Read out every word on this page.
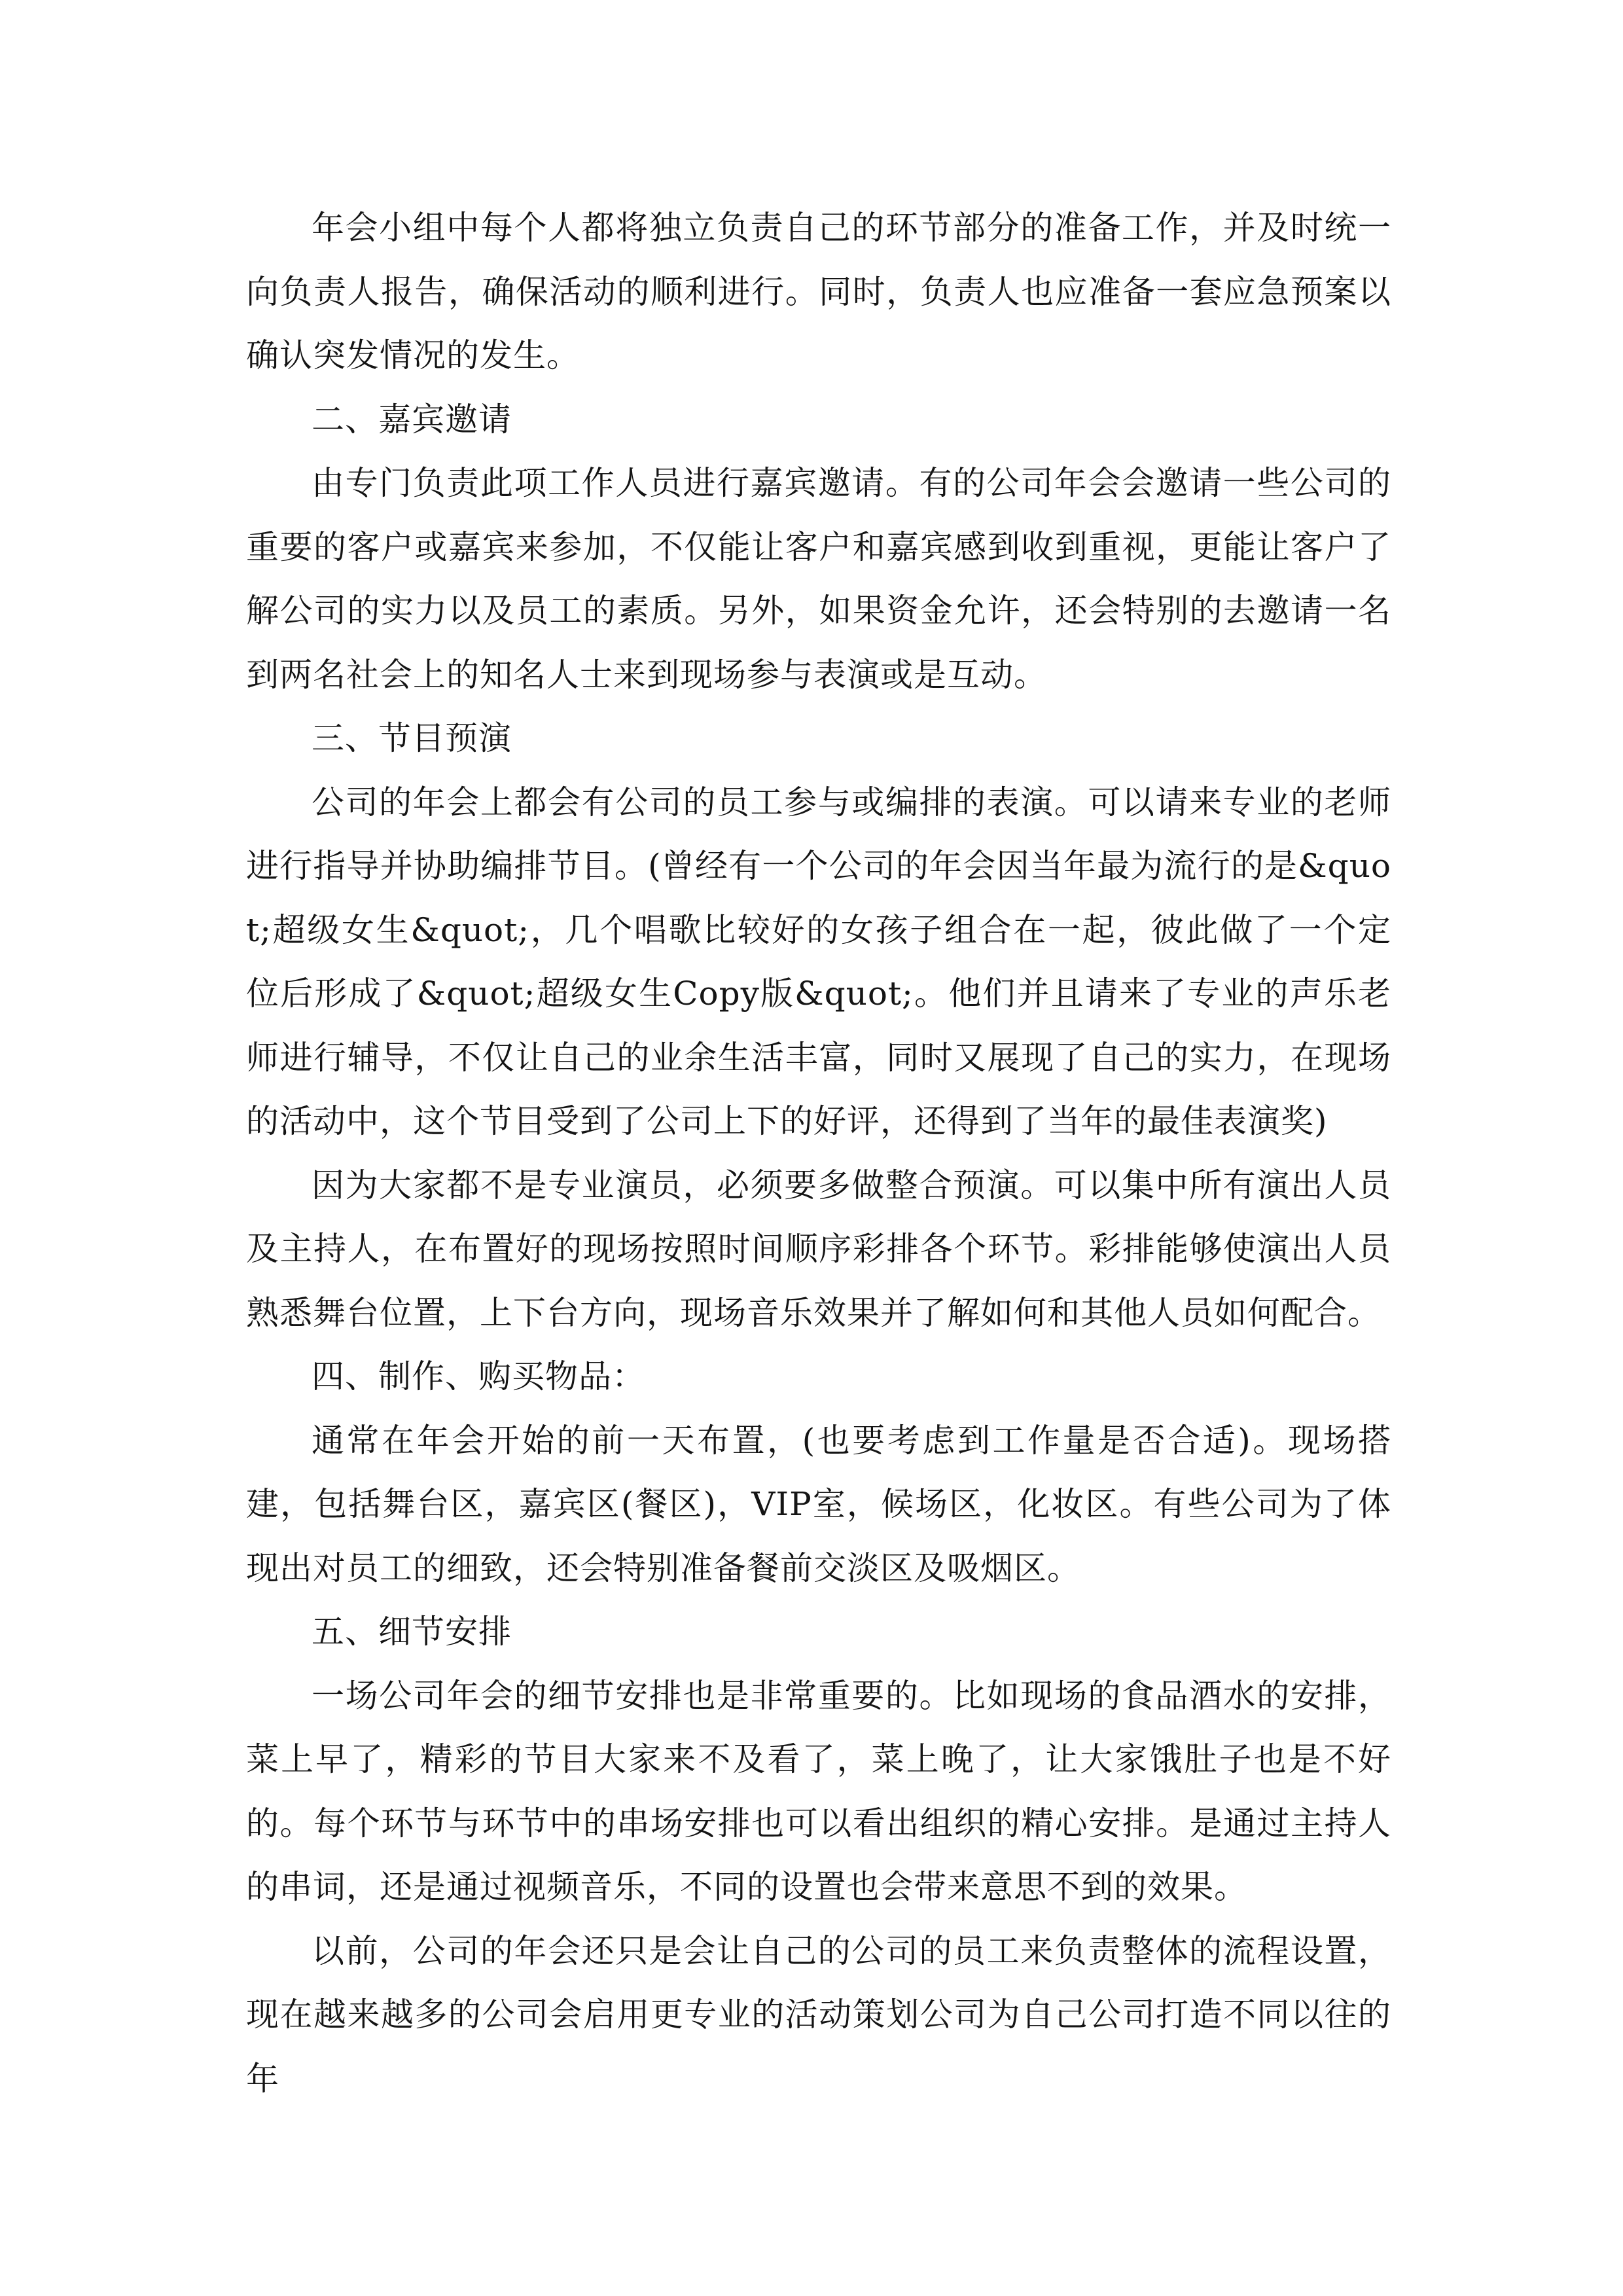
年会小组中每个人都将独立负责自己的环节部分的准备工作，并及时统一向负责人报告，确保活动的顺利进行。同时，负责人也应准备一套应急预案以确认突发情况的发生。

二、嘉宾邀请

由专门负责此项工作人员进行嘉宾邀请。有的公司年会会邀请一些公司的重要的客户或嘉宾来参加，不仅能让客户和嘉宾感到收到重视，更能让客户了解公司的实力以及员工的素质。另外，如果资金允许，还会特别的去邀请一名到两名社会上的知名人士来到现场参与表演或是互动。

三、节目预演

公司的年会上都会有公司的员工参与或编排的表演。可以请来专业的老师进行指导并协助编排节目。(曾经有一个公司的年会因当年最为流行的是&quot;超级女生&quot;，几个唱歌比较好的女孩子组合在一起，彼此做了一个定位后形成了&quot;超级女生Copy版&quot;。他们并且请来了专业的声乐老师进行辅导，不仅让自己的业余生活丰富，同时又展现了自己的实力，在现场的活动中，这个节目受到了公司上下的好评，还得到了当年的最佳表演奖)

因为大家都不是专业演员，必须要多做整合预演。可以集中所有演出人员及主持人，在布置好的现场按照时间顺序彩排各个环节。彩排能够使演出人员熟悉舞台位置，上下台方向，现场音乐效果并了解如何和其他人员如何配合。

四、制作、购买物品：

通常在年会开始的前一天布置，(也要考虑到工作量是否合适)。现场搭建，包括舞台区，嘉宾区(餐区)，VIP室，候场区，化妆区。有些公司为了体现出对员工的细致，还会特别准备餐前交淡区及吸烟区。

五、细节安排

一场公司年会的细节安排也是非常重要的。比如现场的食品酒水的安排，菜上早了，精彩的节目大家来不及看了，菜上晚了，让大家饿肚子也是不好的。每个环节与环节中的串场安排也可以看出组织的精心安排。是通过主持人的串词，还是通过视频音乐，不同的设置也会带来意思不到的效果。

以前，公司的年会还只是会让自己的公司的员工来负责整体的流程设置，现在越来越多的公司会启用更专业的活动策划公司为自己公司打造不同以往的年
